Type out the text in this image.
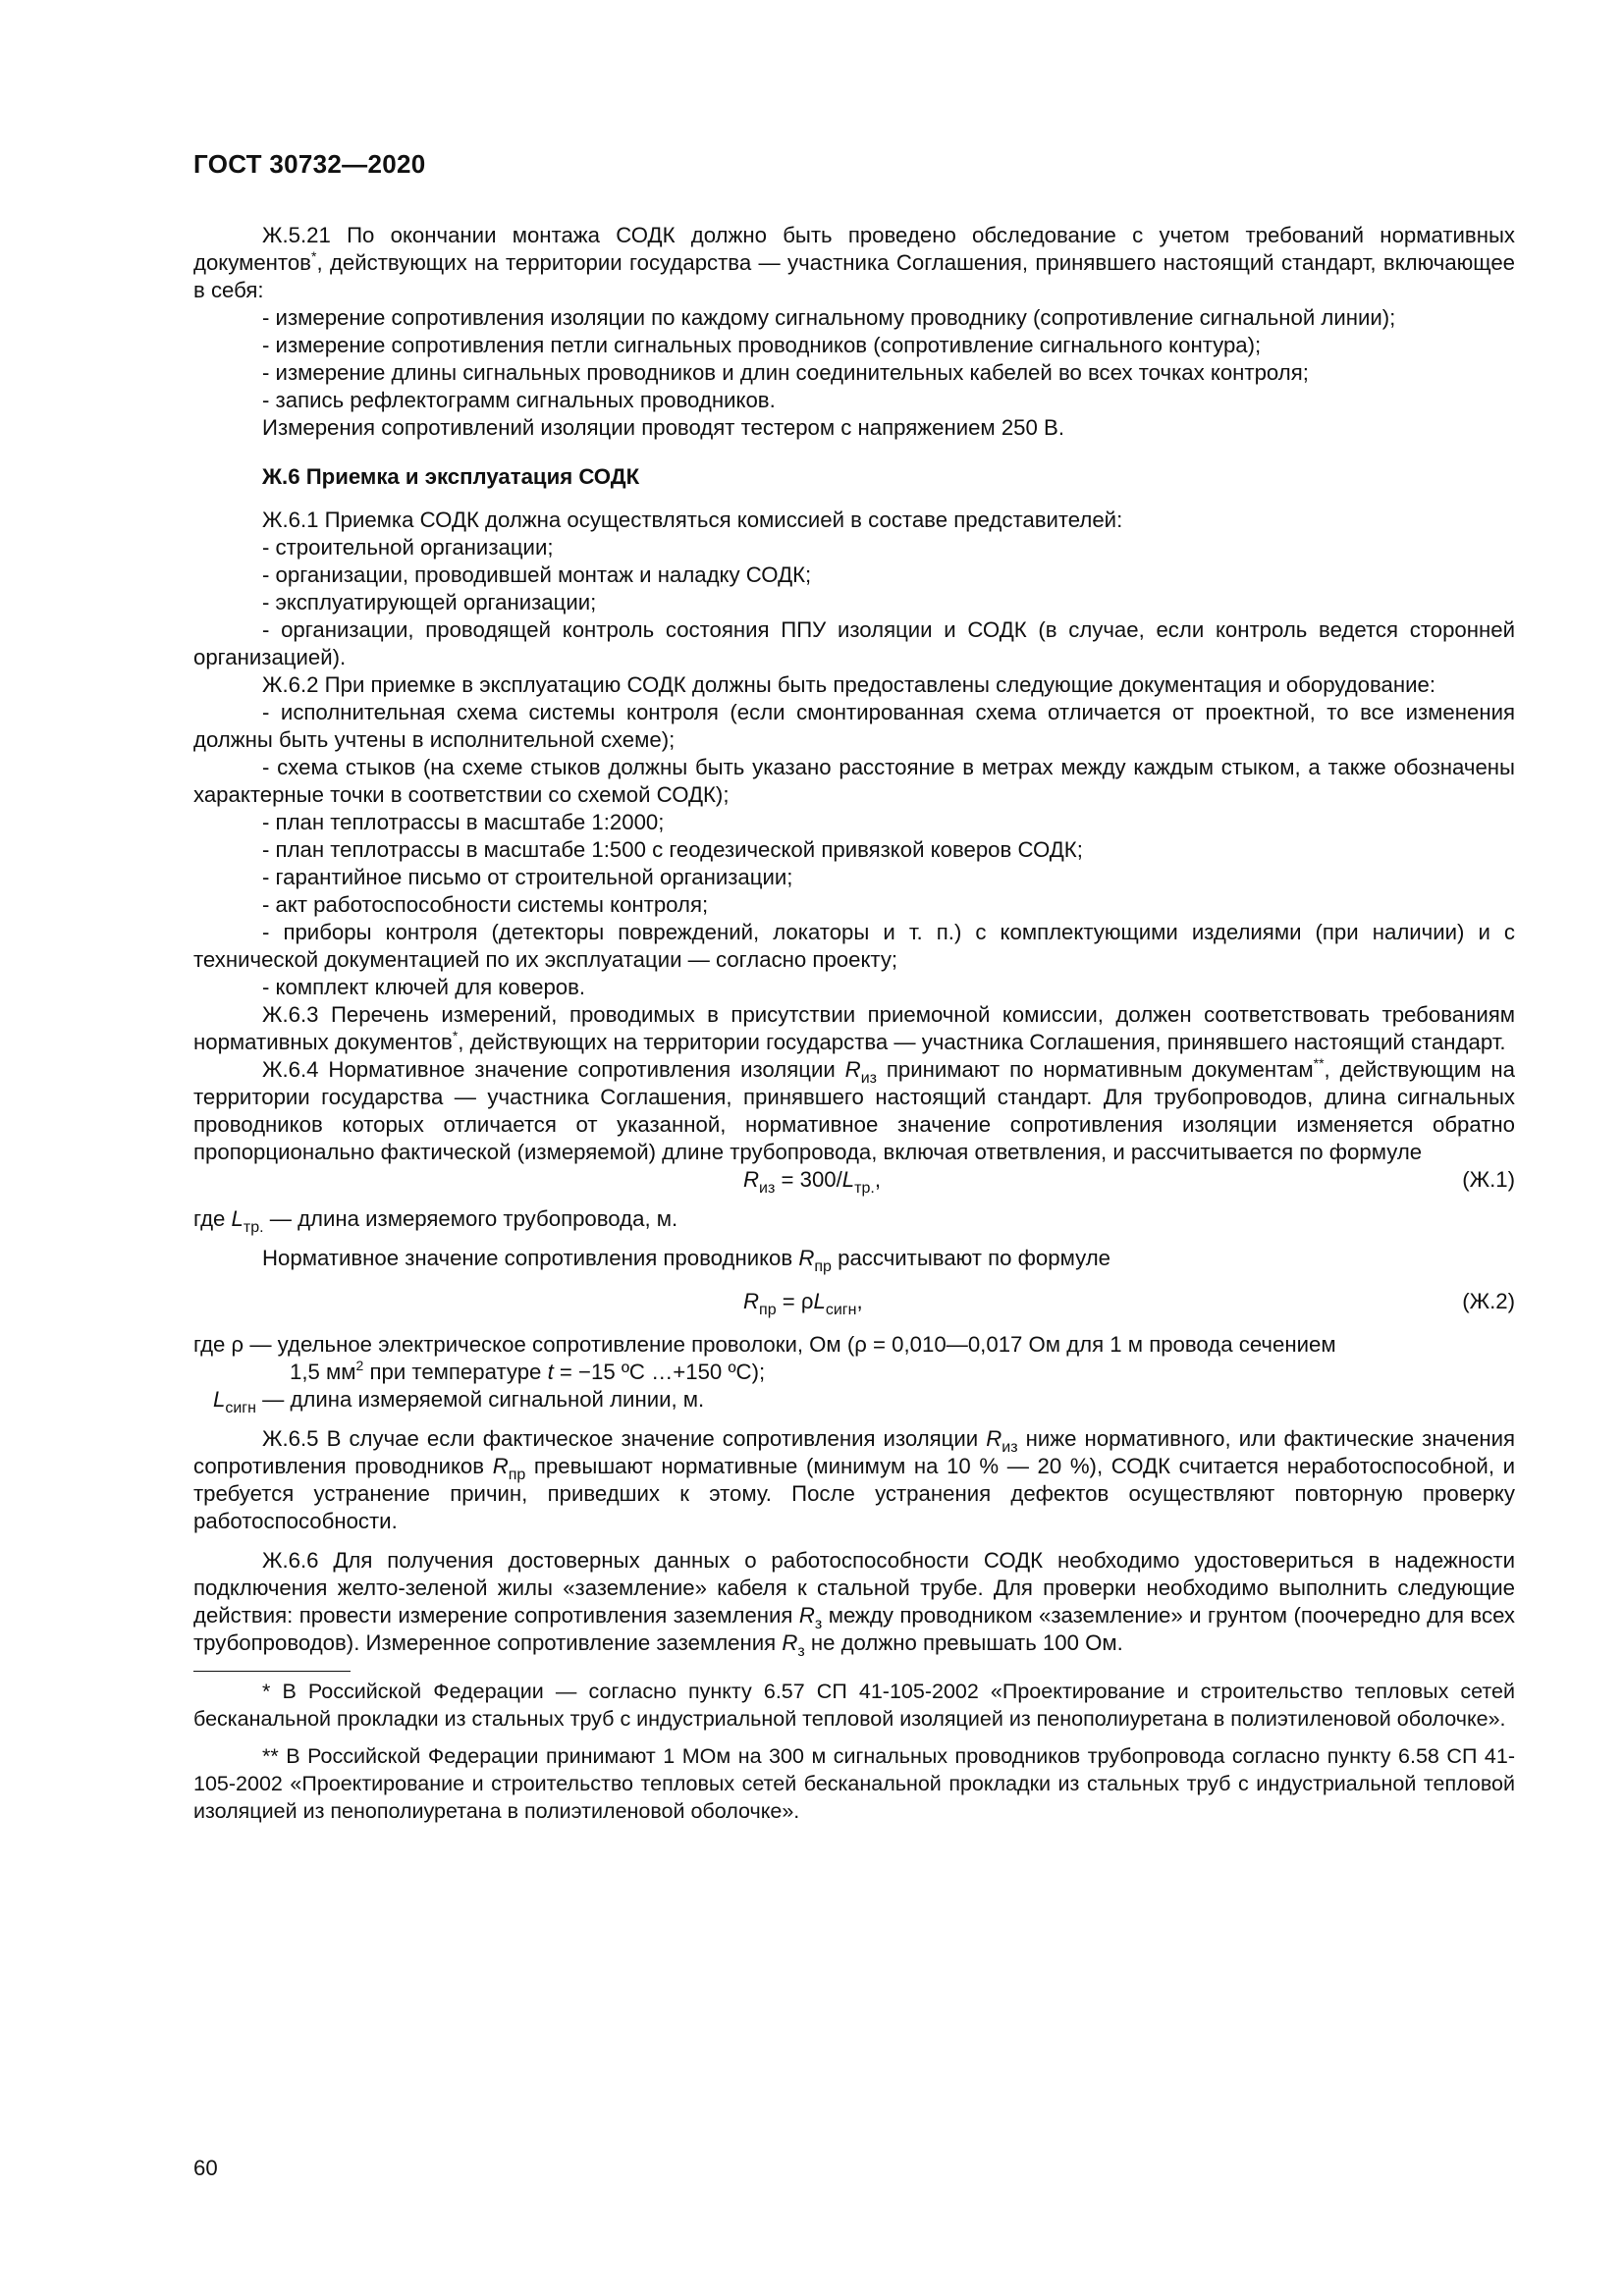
ГОСТ 30732—2020

Ж.5.21 По окончании монтажа СОДК должно быть проведено обследование с учетом требований нормативных документов*, действующих на территории государства — участника Соглашения, принявшего настоящий стандарт, включающее в себя:

- измерение сопротивления изоляции по каждому сигнальному проводнику (сопротивление сигнальной линии);

- измерение сопротивления петли сигнальных проводников (сопротивление сигнального контура);

- измерение длины сигнальных проводников и длин соединительных кабелей во всех точках контроля;

- запись рефлектограмм сигнальных проводников.

Измерения сопротивлений изоляции проводят тестером с напряжением 250 В.

Ж.6 Приемка и эксплуатация СОДК

Ж.6.1 Приемка СОДК должна осуществляться комиссией в составе представителей:

- строительной организации;

- организации, проводившей монтаж и наладку СОДК;

- эксплуатирующей организации;

- организации, проводящей контроль состояния ППУ изоляции и СОДК (в случае, если контроль ведется сторонней организацией).

Ж.6.2 При приемке в эксплуатацию СОДК должны быть предоставлены следующие документация и оборудование:

- исполнительная схема системы контроля (если смонтированная схема отличается от проектной, то все изменения должны быть учтены в исполнительной схеме);

- схема стыков (на схеме стыков должны быть указано расстояние в метрах между каждым стыком, а также обозначены характерные точки в соответствии со схемой СОДК);

- план теплотрассы в масштабе 1:2000;

- план теплотрассы в масштабе 1:500 с геодезической привязкой коверов СОДК;

- гарантийное письмо от строительной организации;

- акт работоспособности системы контроля;

- приборы контроля (детекторы повреждений, локаторы и т. п.) с комплектующими изделиями (при наличии) и с технической документацией по их эксплуатации — согласно проекту;

- комплект ключей для коверов.

Ж.6.3 Перечень измерений, проводимых в присутствии приемочной комиссии, должен соответствовать требованиям нормативных документов*, действующих на территории государства — участника Соглашения, принявшего настоящий стандарт.

Ж.6.4 Нормативное значение сопротивления изоляции $R_{из}$ принимают по нормативным документам**, действующим на территории государства — участника Соглашения, принявшего настоящий стандарт. Для трубопроводов, длина сигнальных проводников которых отличается от указанной, нормативное значение сопротивления изоляции изменяется обратно пропорционально фактической (измеряемой) длине трубопровода, включая ответвления, и рассчитывается по формуле

$R_{из} = 300/L_{тр.}$,	(Ж.1)

где $L_{тр.}$ — длина измеряемого трубопровода, м.

Нормативное значение сопротивления проводников $R_{пр}$ рассчитывают по формуле

$R_{пр} = \rho L_{сигн}$,	(Ж.2)

где ρ — удельное электрическое сопротивление проволоки, Ом (ρ = 0,010—0,017 Ом для 1 м провода сечением

1,5 $мм^2$ при температуре t = −15 ºС …+150 ºС);

$L_{сигн}$ — длина измеряемой сигнальной линии, м.

Ж.6.5 В случае если фактическое значение сопротивления изоляции $R_{из}$ ниже нормативного, или фактические значения сопротивления проводников $R_{пр}$ превышают нормативные (минимум на 10 % — 20 %), СОДК считается неработоспособной, и требуется устранение причин, приведших к этому. После устранения дефектов осуществляют повторную проверку работоспособности.

Ж.6.6 Для получения достоверных данных о работоспособности СОДК необходимо удостовериться в надежности подключения желто-зеленой жилы «заземление» кабеля к стальной трубе. Для проверки необходимо выполнить следующие действия: провести измерение сопротивления заземления $R_з$ между проводником «заземление» и грунтом (поочередно для всех трубопроводов). Измеренное сопротивление заземления $R_з$ не должно превышать 100 Ом.

* В Российской Федерации — согласно пункту 6.57 СП 41-105-2002 «Проектирование и строительство тепловых сетей бесканальной прокладки из стальных труб с индустриальной тепловой изоляцией из пенополиуретана в полиэтиленовой оболочке».

** В Российской Федерации принимают 1 МОм на 300 м сигнальных проводников трубопровода согласно пункту 6.58 СП 41-105-2002 «Проектирование и строительство тепловых сетей бесканальной прокладки из стальных труб с индустриальной тепловой изоляцией из пенополиуретана в полиэтиленовой оболочке».

60
